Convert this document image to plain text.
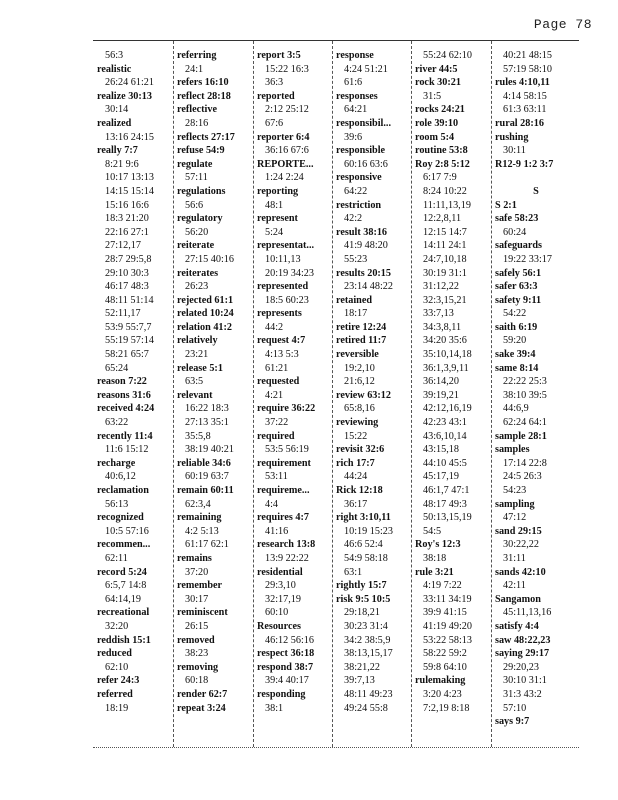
Page 78
56:3
realistic
26:24 61:21
realize 30:13
30:14
realized
13:16 24:15
really 7:7
8:21 9:6
10:17 13:13
14:15 15:14
15:16 16:6
18:3 21:20
22:16 27:1
27:12,17
28:7 29:5,8
29:10 30:3
46:17 48:3
48:11 51:14
52:11,17
53:9 55:7,7
55:19 57:14
58:21 65:7
65:24
reason 7:22
reasons 31:6
received 4:24
63:22
recently 11:4
11:6 15:12
recharge
40:6,12
reclamation
56:13
recognized
10:5 57:16
recommen...
62:11
record 5:24
6:5,7 14:8
64:14,19
recreational
32:20
reddish 15:1
reduced
62:10
refer 24:3
referred
18:19
referring
24:1
refers 16:10
reflect 28:18
reflective
28:16
reflects 27:17
refuse 54:9
regulate
57:11
regulations
56:6
regulatory
56:20
reiterate
27:15 40:16
reiterates
26:23
rejected 61:1
related 10:24
relation 41:2
relatively
23:21
release 5:1
63:5
relevant
16:22 18:3
27:13 35:1
35:5,8
38:19 40:21
reliable 34:6
60:19 63:7
remain 60:11
62:3,4
remaining
4:2 5:13
61:17 62:1
remains
37:20
remember
30:17
reminiscent
26:15
removed
38:23
removing
60:18
render 62:7
repeat 3:24
report 3:5
15:22 16:3
36:3
reported
2:12 25:12
67:6
reporter 6:4
36:16 67:6
REPORTE...
1:24 2:24
reporting
48:1
represent
5:24
representat...
10:11,13
20:19 34:23
represented
18:5 60:23
represents
44:2
request 4:7
4:13 5:3
61:21
requested
4:21
require 36:22
37:22
required
53:5 56:19
requirement
53:11
requireme...
4:4
requires 4:7
41:16
research 13:8
13:9 22:22
residential
29:3,10
32:17,19
60:10
Resources
46:12 56:16
respect 36:18
respond 38:7
39:4 40:17
responding
38:1
response
4:24 51:21
61:6
responses
64:21
responsibil...
39:6
responsible
60:16 63:6
responsive
64:22
restriction
42:2
result 38:16
41:9 48:20
55:23
results 20:15
23:14 48:22
retained
18:17
retire 12:24
retired 11:7
reversible
19:2,10
21:6,12
review 63:12
65:8,16
reviewing
15:22
revisit 32:6
rich 17:7
44:24
Rick 12:18
36:17
right 3:10,11
10:19 15:23
46:6 52:4
54:9 58:18
63:1
rightly 15:7
risk 9:5 10:5
29:18,21
30:23 31:4
34:2 38:5,9
38:13,15,17
38:21,22
39:7,13
48:11 49:23
49:24 55:8
55:24 62:10
river 44:5
rock 30:21
31:5
rocks 24:21
role 39:10
room 5:4
routine 53:8
Roy 2:8 5:12
6:17 7:9
8:24 10:22
11:11,13,19
12:2,8,11
12:15 14:7
14:11 24:1
24:7,10,18
30:19 31:1
31:12,22
32:3,15,21
33:7,13
34:3,8,11
34:20 35:6
35:10,14,18
36:1,3,9,11
36:14,20
39:19,21
42:12,16,19
42:23 43:1
43:6,10,14
43:15,18
44:10 45:5
45:17,19
46:1,7 47:1
48:17 49:3
50:13,15,19
54:5
Roy's 12:3
38:18
rule 3:21
4:19 7:22
33:11 34:19
39:9 41:15
41:19 49:20
53:22 58:13
58:22 59:2
59:8 64:10
rulemaking
3:20 4:23
7:2,19 8:18
40:21 48:15
57:19 58:10
rules 4:10,11
4:14 58:15
61:3 63:11
rural 28:16
rushing
30:11
R12-9 1:2 3:7
S
S 2:1
safe 58:23
60:24
safeguards
19:22 33:17
safely 56:1
safer 63:3
safety 9:11
54:22
saith 6:19
59:20
sake 39:4
same 8:14
22:22 25:3
38:10 39:5
44:6,9
62:24 64:1
sample 28:1
samples
17:14 22:8
24:5 26:3
54:23
sampling
47:12
sand 29:15
30:22,22
31:11
sands 42:10
42:11
Sangamon
45:11,13,16
satisfy 4:4
saw 48:22,23
saying 29:17
29:20,23
30:10 31:1
31:3 43:2
57:10
says 9:7
